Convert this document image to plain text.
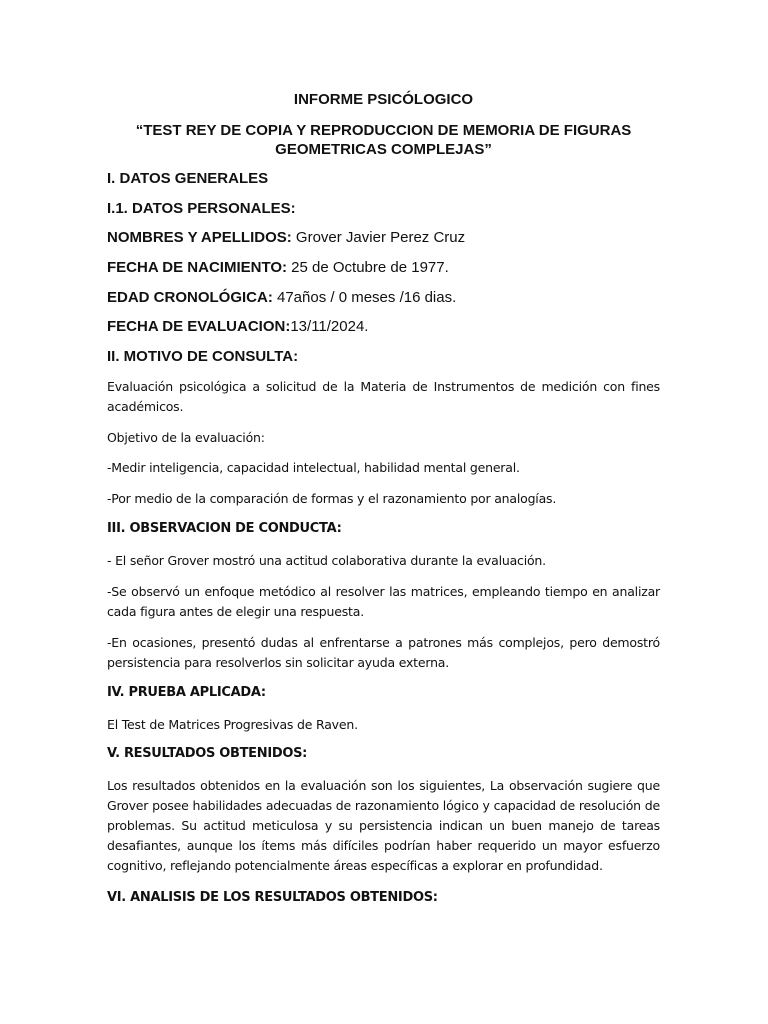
INFORME PSICÓLOGICO
“TEST REY DE COPIA Y REPRODUCCION DE MEMORIA DE FIGURAS GEOMETRICAS COMPLEJAS”
I. DATOS GENERALES
I.1. DATOS PERSONALES:
NOMBRES Y APELLIDOS: Grover Javier Perez Cruz
FECHA DE NACIMIENTO: 25 de Octubre de 1977.
EDAD CRONOLÓGICA: 47años / 0 meses /16 dias.
FECHA DE EVALUACION:13/11/2024.
II. MOTIVO DE CONSULTA:
Evaluación psicológica a solicitud de la Materia de Instrumentos de medición con fines académicos.
Objetivo de la evaluación:
-Medir inteligencia, capacidad intelectual, habilidad mental general.
-Por medio de la comparación de formas y el razonamiento por analogías.
III. OBSERVACION DE CONDUCTA:
- El señor Grover mostró una actitud colaborativa durante la evaluación.
-Se observó un enfoque metódico al resolver las matrices, empleando tiempo en analizar cada figura antes de elegir una respuesta.
-En ocasiones, presentó dudas al enfrentarse a patrones más complejos, pero demostró persistencia para resolverlos sin solicitar ayuda externa.
IV. PRUEBA APLICADA:
El Test de Matrices Progresivas de Raven.
V. RESULTADOS OBTENIDOS:
Los resultados obtenidos en la evaluación son los siguientes, La observación sugiere que Grover posee habilidades adecuadas de razonamiento lógico y capacidad de resolución de problemas. Su actitud meticulosa y su persistencia indican un buen manejo de tareas desafiantes, aunque los ítems más difíciles podrían haber requerido un mayor esfuerzo cognitivo, reflejando potencialmente áreas específicas a explorar en profundidad.
VI. ANALISIS DE LOS RESULTADOS OBTENIDOS:
